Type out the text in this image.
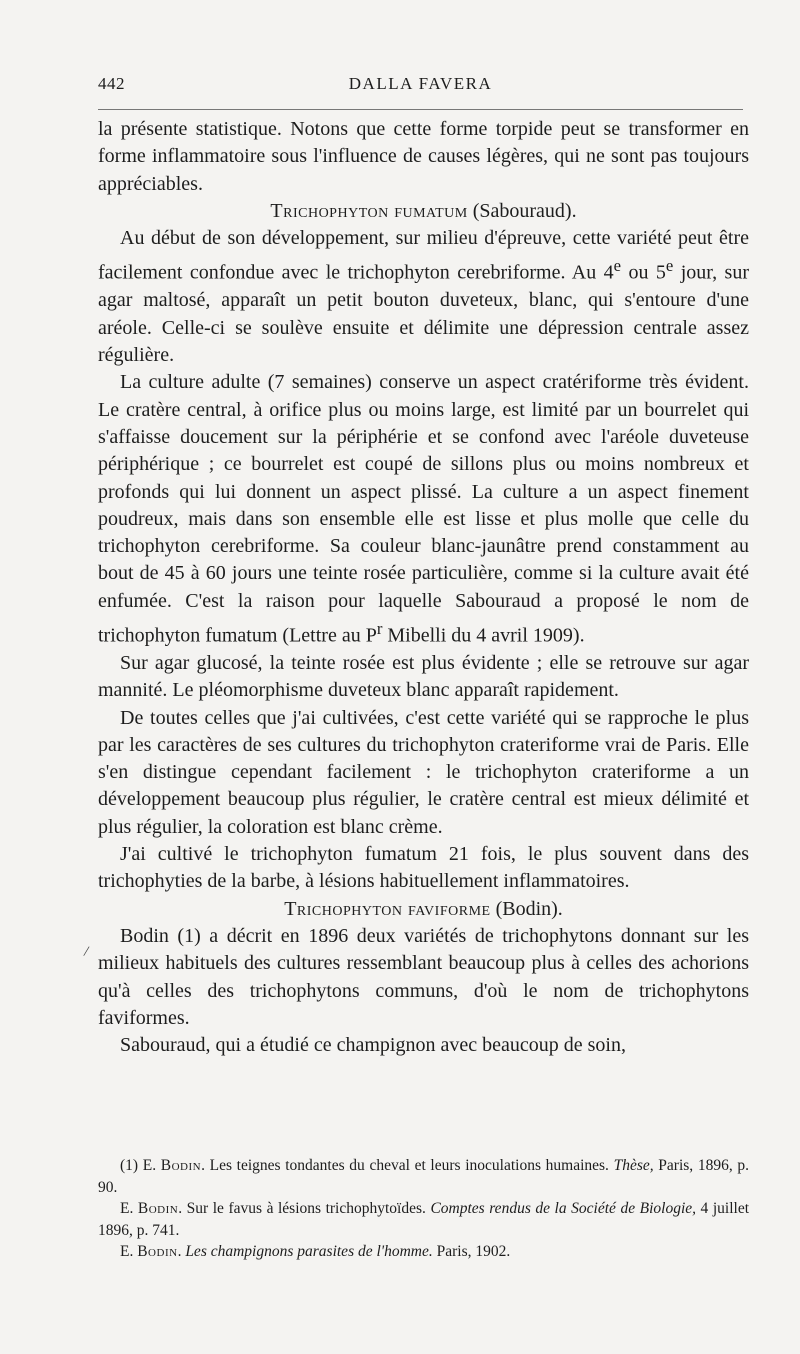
442	DALLA FAVERA
/

la présente statistique. Notons que cette forme torpide peut se transformer en forme inflammatoire sous l'influence de causes légères, qui ne sont pas toujours appréciables.

Trichophyton fumatum (Sabouraud).

Au début de son développement, sur milieu d'épreuve, cette variété peut être facilement confondue avec le trichophyton cerebriforme. Au 4e ou 5e jour, sur agar maltosé, apparaît un petit bouton duveteux, blanc, qui s'entoure d'une aréole. Celle-ci se soulève ensuite et délimite une dépression centrale assez régulière.

La culture adulte (7 semaines) conserve un aspect cratériforme très évident. Le cratère central, à orifice plus ou moins large, est limité par un bourrelet qui s'affaisse doucement sur la périphérie et se confond avec l'aréole duveteuse périphérique ; ce bourrelet est coupé de sillons plus ou moins nombreux et profonds qui lui donnent un aspect plissé. La culture a un aspect finement poudreux, mais dans son ensemble elle est lisse et plus molle que celle du trichophyton cerebriforme. Sa couleur blanc-jaunâtre prend constamment au bout de 45 à 60 jours une teinte rosée particulière, comme si la culture avait été enfumée. C'est la raison pour laquelle Sabouraud a proposé le nom de trichophyton fumatum (Lettre au $P^r$ Mibelli du 4 avril 1909).

Sur agar glucosé, la teinte rosée est plus évidente ; elle se retrouve sur agar mannité. Le pléomorphisme duveteux blanc apparaît rapidement.

De toutes celles que j'ai cultivées, c'est cette variété qui se rapproche le plus par les caractères de ses cultures du trichophyton crateriforme vrai de Paris. Elle s'en distingue cependant facilement : le trichophyton crateriforme a un développement beaucoup plus régulier, le cratère central est mieux délimité et plus régulier, la coloration est blanc crème.

J'ai cultivé le trichophyton fumatum 21 fois, le plus souvent dans des trichophyties de la barbe, à lésions habituellement inflammatoires.

Trichophyton faviforme (Bodin).

Bodin (1) a décrit en 1896 deux variétés de trichophytons donnant sur les milieux habituels des cultures ressemblant beaucoup plus à celles des achorions qu'à celles des trichophytons communs, d'où le nom de trichophytons faviformes.

Sabouraud, qui a étudié ce champignon avec beaucoup de soin,

(1) E. Bodin. Les teignes tondantes du cheval et leurs inoculations humaines. Thèse, Paris, 1896, p. 90.

E. Bodin. Sur le favus à lésions trichophytoïdes. Comptes rendus de la Société de Biologie, 4 juillet 1896, p. 741.

E. Bodin. Les champignons parasites de l'homme. Paris, 1902.
